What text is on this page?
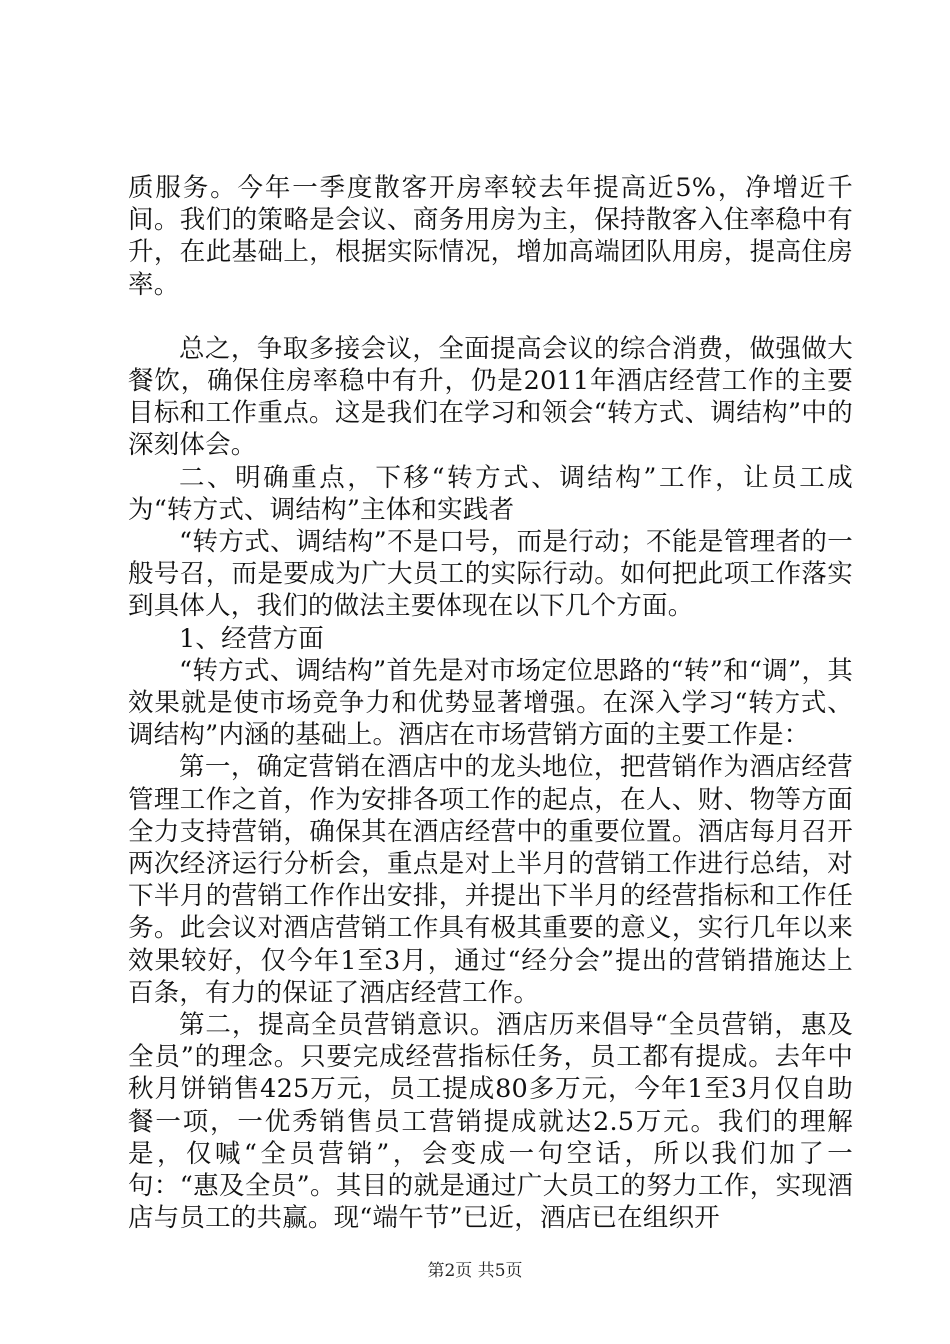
质服务。今年一季度散客开房率较去年提高近5%，净增近千间。我们的策略是会议、商务用房为主，保持散客入住率稳中有升，在此基础上，根据实际情况，增加高端团队用房，提高住房率。

总之，争取多接会议，全面提高会议的综合消费，做强做大餐饮，确保住房率稳中有升，仍是2011年酒店经营工作的主要目标和工作重点。这是我们在学习和领会“转方式、调结构”中的深刻体会。

二、明确重点，下移“转方式、调结构”工作，让员工成为“转方式、调结构”主体和实践者

“转方式、调结构”不是口号，而是行动；不能是管理者的一般号召，而是要成为广大员工的实际行动。如何把此项工作落实到具体人，我们的做法主要体现在以下几个方面。

1、经营方面

“转方式、调结构”首先是对市场定位思路的“转”和“调”，其效果就是使市场竞争力和优势显著增强。在深入学习“转方式、调结构”内涵的基础上。酒店在市场营销方面的主要工作是：

第一，确定营销在酒店中的龙头地位，把营销作为酒店经营管理工作之首，作为安排各项工作的起点，在人、财、物等方面全力支持营销，确保其在酒店经营中的重要位置。酒店每月召开两次经济运行分析会，重点是对上半月的营销工作进行总结，对下半月的营销工作作出安排，并提出下半月的经营指标和工作任务。此会议对酒店营销工作具有极其重要的意义，实行几年以来效果较好，仅今年1至3月，通过“经分会”提出的营销措施达上百条，有力的保证了酒店经营工作。

第二，提高全员营销意识。酒店历来倡导“全员营销，惠及全员”的理念。只要完成经营指标任务，员工都有提成。去年中秋月饼销售425万元，员工提成80多万元，今年1至3月仅自助餐一项，一优秀销售员工营销提成就达2.5万元。我们的理解是，仅喊“全员营销”，会变成一句空话，所以我们加了一句：“惠及全员”。其目的就是通过广大员工的努力工作，实现酒店与员工的共赢。现“端午节”已近，酒店已在组织开

第2页 共5页
